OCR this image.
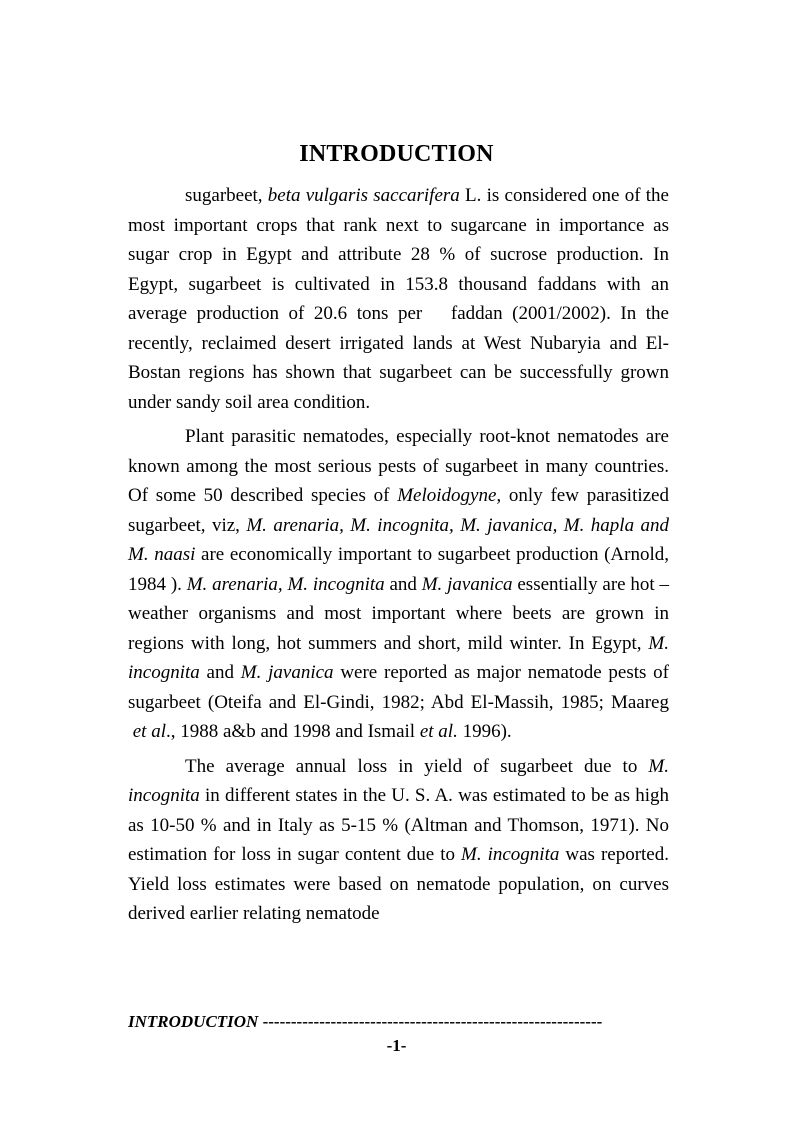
INTRODUCTION

sugarbeet, beta vulgaris saccarifera L. is considered one of the most important crops that rank next to sugarcane in importance as sugar crop in Egypt and attribute 28 % of sucrose production. In Egypt, sugarbeet is cultivated in 153.8 thousand faddans with an average production of 20.6 tons per   faddan (2001/2002). In the recently, reclaimed desert irrigated lands at West Nubaryia and El-Bostan regions has shown that sugarbeet can be successfully grown under sandy soil area condition.

Plant parasitic nematodes, especially root-knot nematodes are known among the most serious pests of sugarbeet in many countries. Of some 50 described species of Meloidogyne, only few parasitized sugarbeet, viz, M. arenaria, M. incognita, M. javanica, M. hapla and M. naasi are economically important to sugarbeet production (Arnold, 1984 ). M. arenaria, M. incognita and M. javanica essentially are hot –weather organisms and most important where beets are grown in regions with long, hot summers and short, mild winter. In Egypt, M. incognita and M. javanica were reported as major nematode pests of sugarbeet (Oteifa and El-Gindi, 1982; Abd El-Massih, 1985; Maareg  et al., 1988 a&b and 1998 and Ismail et al. 1996).

The average annual loss in yield of sugarbeet due to M. incognita in different states in the U. S. A. was estimated to be as high as 10-50 % and in Italy as 5-15 % (Altman and Thomson, 1971). No estimation for loss in sugar content due to M. incognita was reported. Yield loss estimates were based on nematode population, on curves derived earlier relating nematode

INTRODUCTION ------------------------------------------------------------
-1-
